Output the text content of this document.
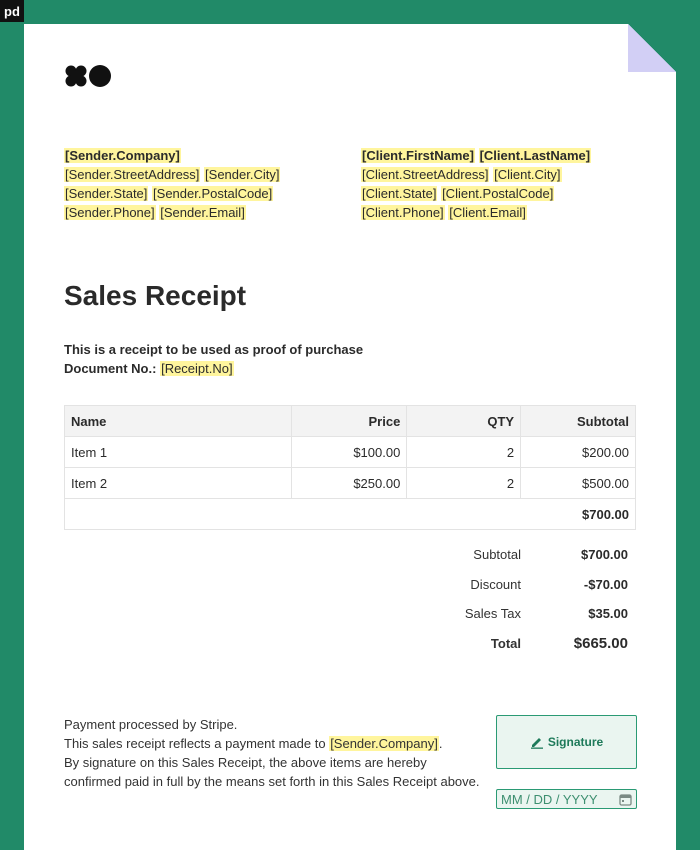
pd
[Sender.Company]
[Sender.StreetAddress] [Sender.City]
[Sender.State] [Sender.PostalCode]
[Sender.Phone] [Sender.Email]
[Client.FirstName] [Client.LastName]
[Client.StreetAddress] [Client.City]
[Client.State] [Client.PostalCode]
[Client.Phone] [Client.Email]
Sales Receipt
This is a receipt to be used as proof of purchase
Document No.: [Receipt.No]
Name	Price	QTY	Subtotal
Item 1	$100.00	2	$200.00
Item 2	$250.00	2	$500.00
$700.00			
Subtotal	$700.00
Discount	-$70.00
Sales Tax	$35.00
Total	$665.00
Payment processed by Stripe.
This sales receipt reflects a payment made to [Sender.Company].
By signature on this Sales Receipt, the above items are hereby
confirmed paid in full by the means set forth in this Sales Receipt above.
Signature
MM / DD / YYYY
